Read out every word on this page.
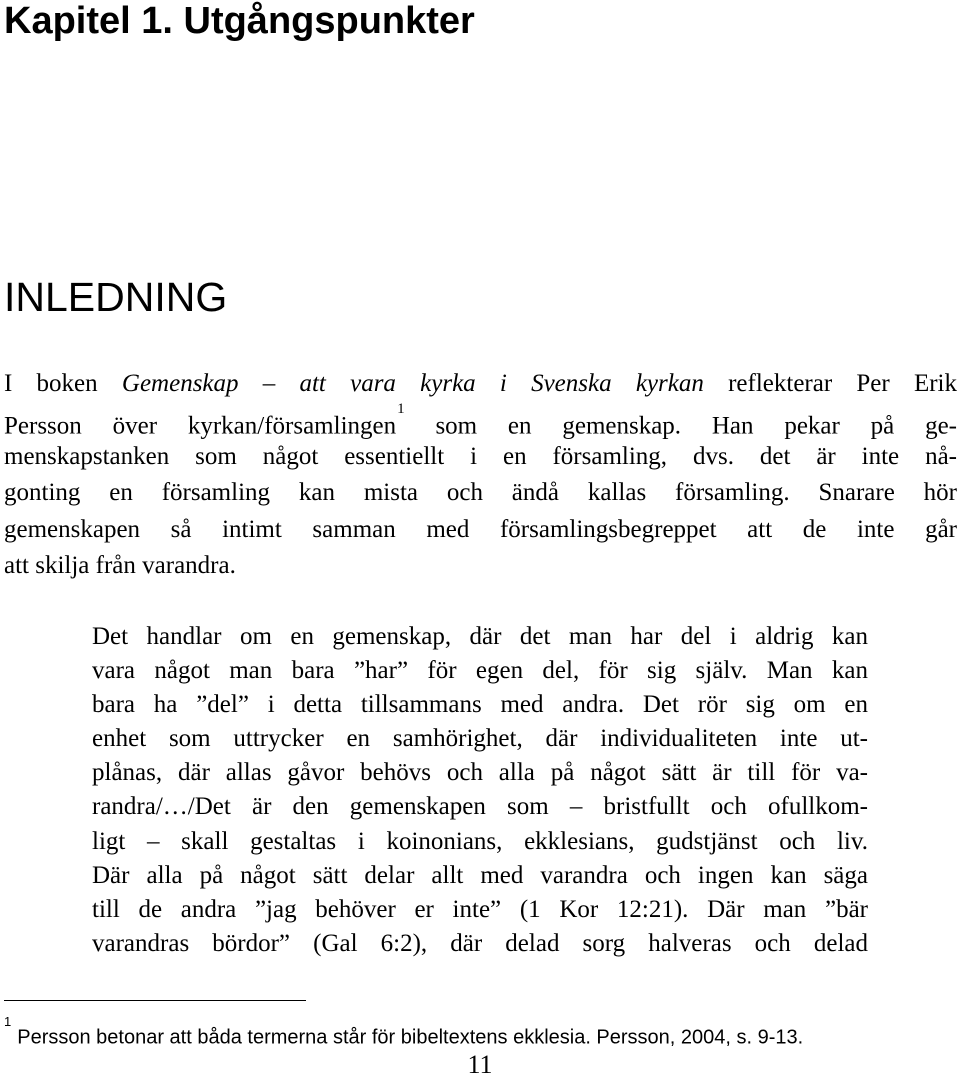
Kapitel 1. Utgångspunkter
INLEDNING
I boken Gemenskap – att vara kyrka i Svenska kyrkan reflekterar Per Erik
Persson över kyrkan/församlingen$^1$ som en gemenskap. Han pekar på ge-
menskapstanken som något essentiellt i en församling, dvs. det är inte nå-
gonting en församling kan mista och ändå kallas församling. Snarare hör
gemenskapen så intimt samman med församlingsbegreppet att de inte går
att skilja från varandra.
Det handlar om en gemenskap, där det man har del i aldrig kan
vara något man bara ”har” för egen del, för sig själv. Man kan
bara ha ”del” i detta tillsammans med andra. Det rör sig om en
enhet som uttrycker en samhörighet, där individualiteten inte ut-
plånas, där allas gåvor behövs och alla på något sätt är till för va-
randra/…/Det är den gemenskapen som – bristfullt och ofullkom-
ligt – skall gestaltas i koinonians, ekklesians, gudstjänst och liv.
Där alla på något sätt delar allt med varandra och ingen kan säga
till de andra ”jag behöver er inte” (1 Kor 12:21). Där man ”bär
varandras bördor” (Gal 6:2), där delad sorg halveras och delad

$^1$Persson betonar att båda termerna står för bibeltextens ekklesia. Persson, 2004, s. 9-13.

11
